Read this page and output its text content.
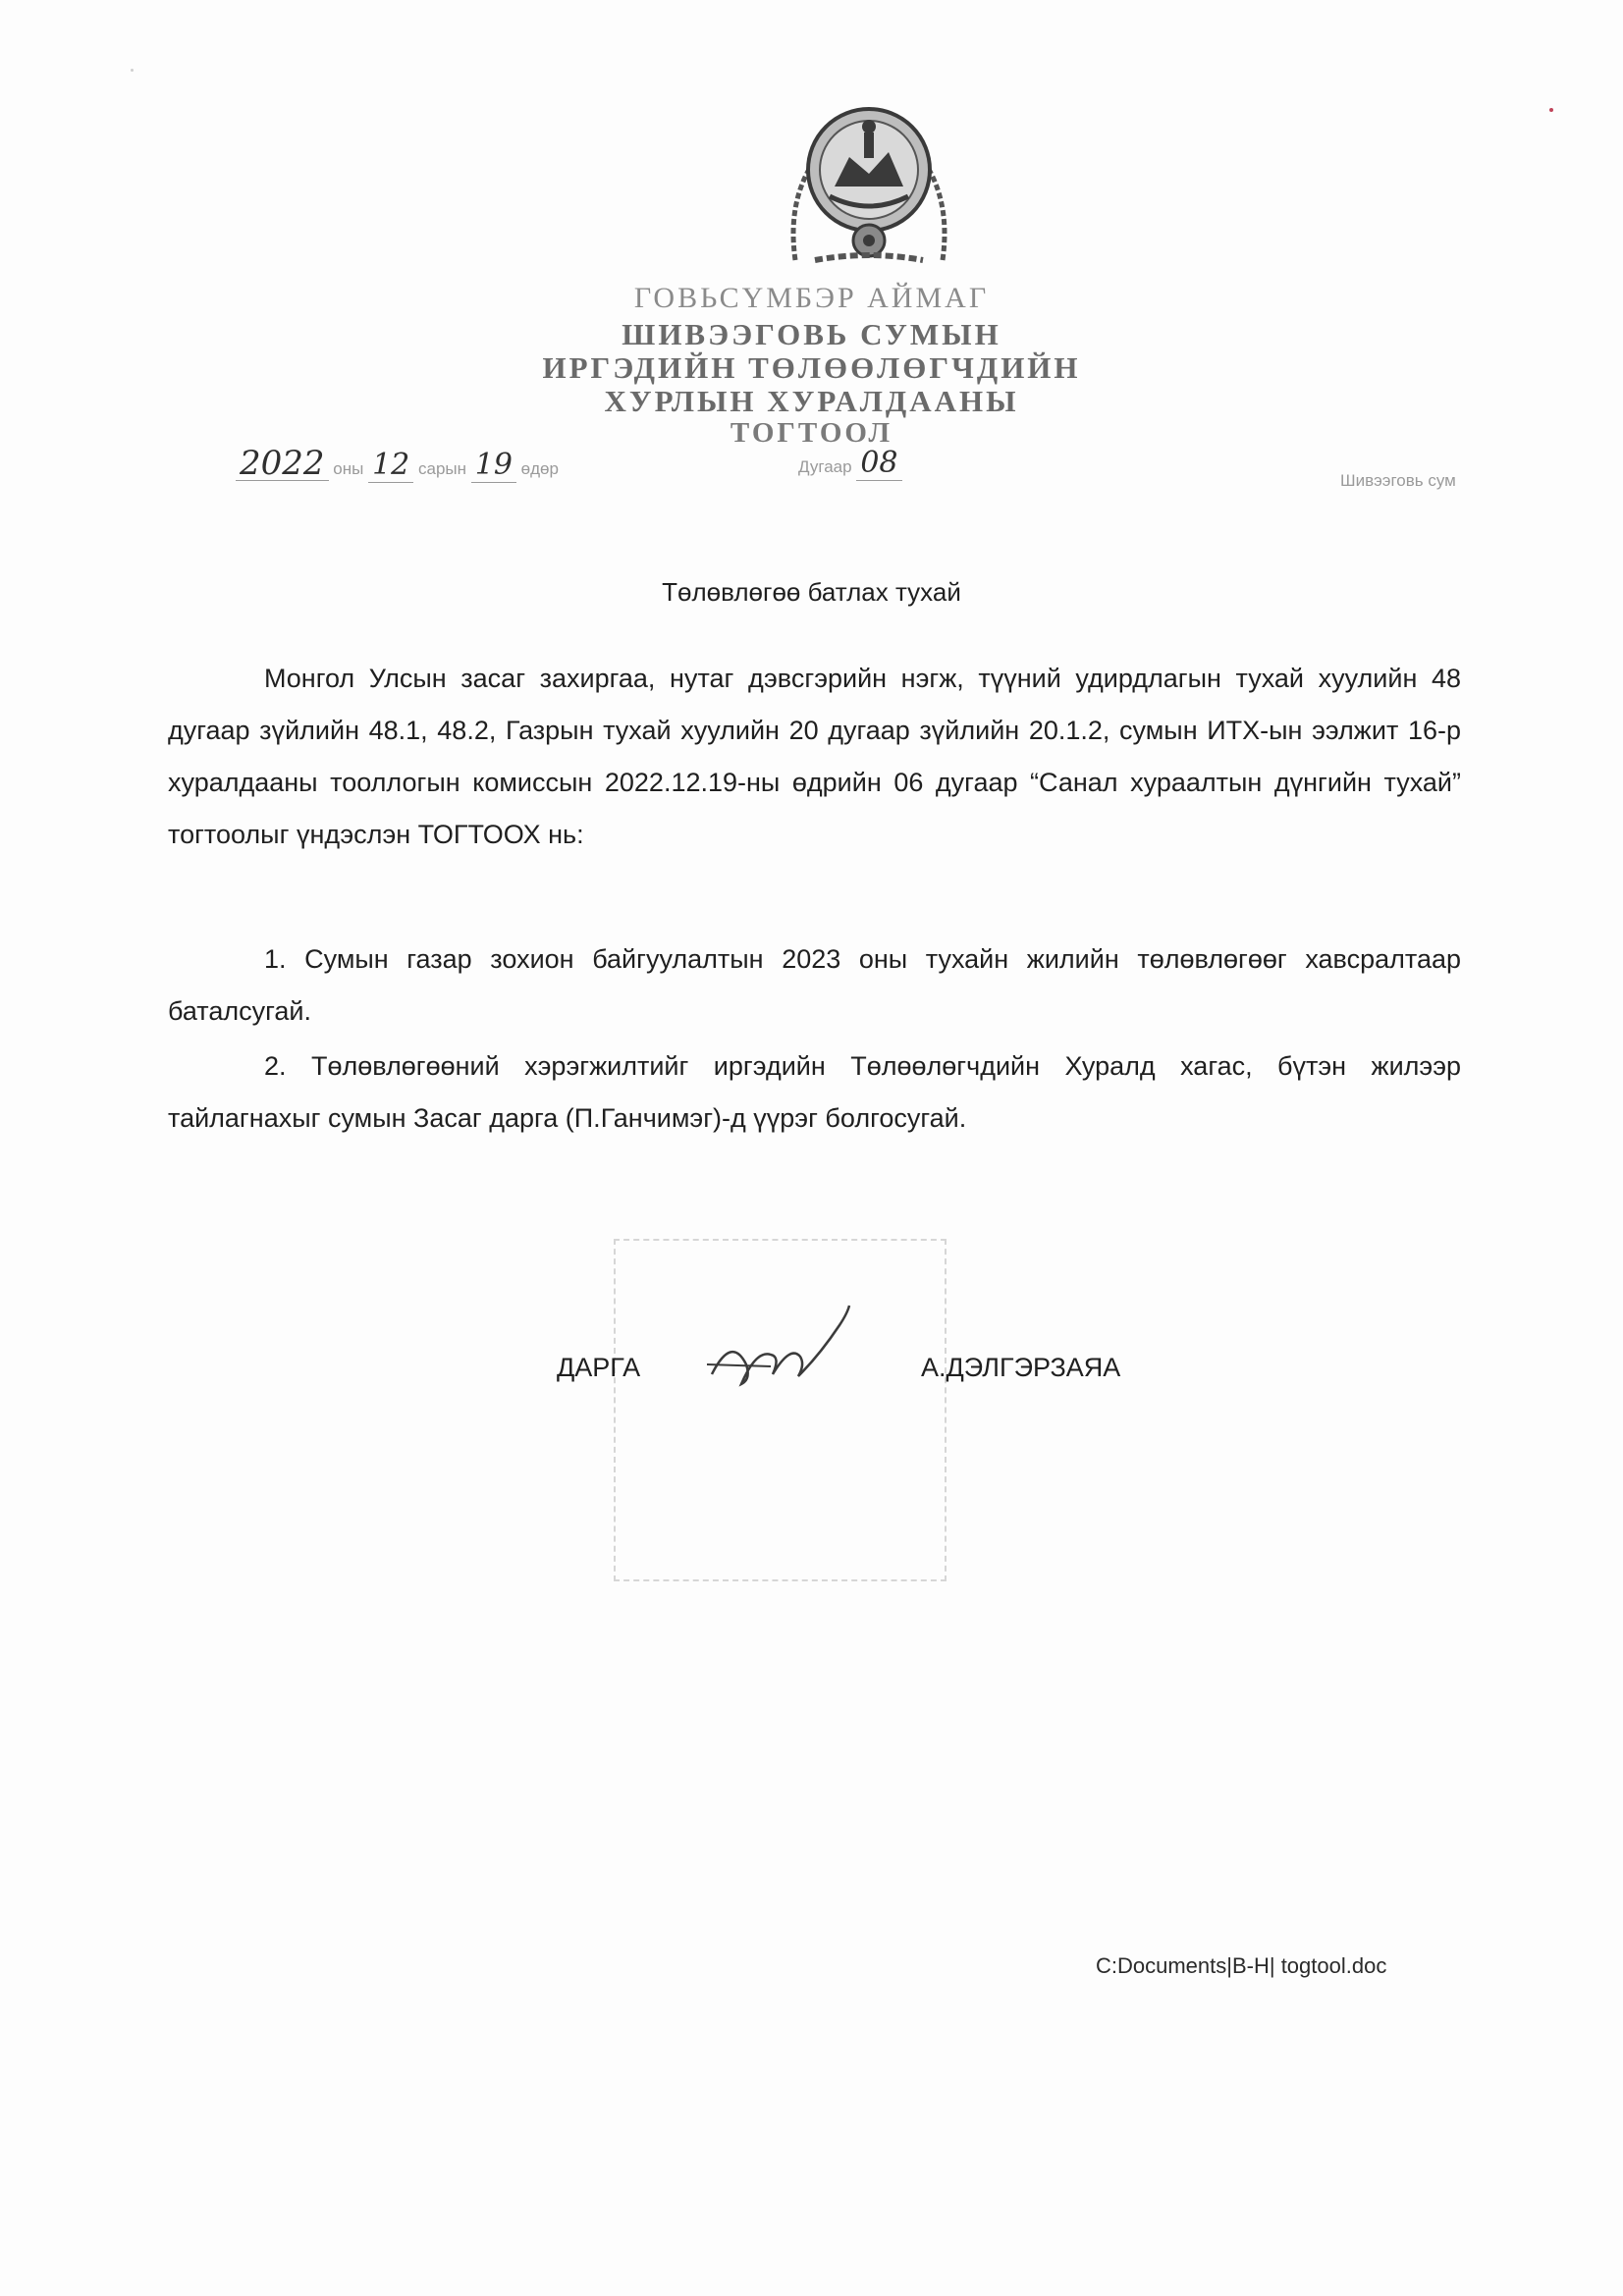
ГОВЬСҮМБЭР АЙМАГ
ШИВЭЭГОВЬ СУМЫН
ИРГЭДИЙН ТӨЛӨӨЛӨГЧДИЙН
ХУРЛЫН ХУРАЛДААНЫ
ТОГТООЛ
2022 оны 12 сарын 19 өдөр	Дугаар 08
Шивээговь сум
Төлөвлөгөө батлах тухай

Монгол Улсын засаг захиргаа, нутаг дэвсгэрийн нэгж, түүний удирдлагын тухай хуулийн 48 дугаар зүйлийн 48.1, 48.2, Газрын тухай хуулийн 20 дугаар зүйлийн 20.1.2, сумын ИТХ-ын ээлжит 16-р хуралдааны тооллогын комиссын 2022.12.19-ны өдрийн 06 дугаар “Санал хураалтын дүнгийн тухай” тогтоолыг үндэслэн ТОГТООХ нь:

1. Сумын газар зохион байгуулалтын 2023 оны тухайн жилийн төлөвлөгөөг хавсралтаар баталсугай.

2. Төлөвлөгөөний хэрэгжилтийг иргэдийн Төлөөлөгчдийн Хуралд хагас, бүтэн жилээр тайлагнахыг сумын Засаг дарга (П.Ганчимэг)-д үүрэг болгосугай.

ДАРГА	А.ДЭЛГЭРЗАЯА
C:Documents|B-H| togtool.doc
